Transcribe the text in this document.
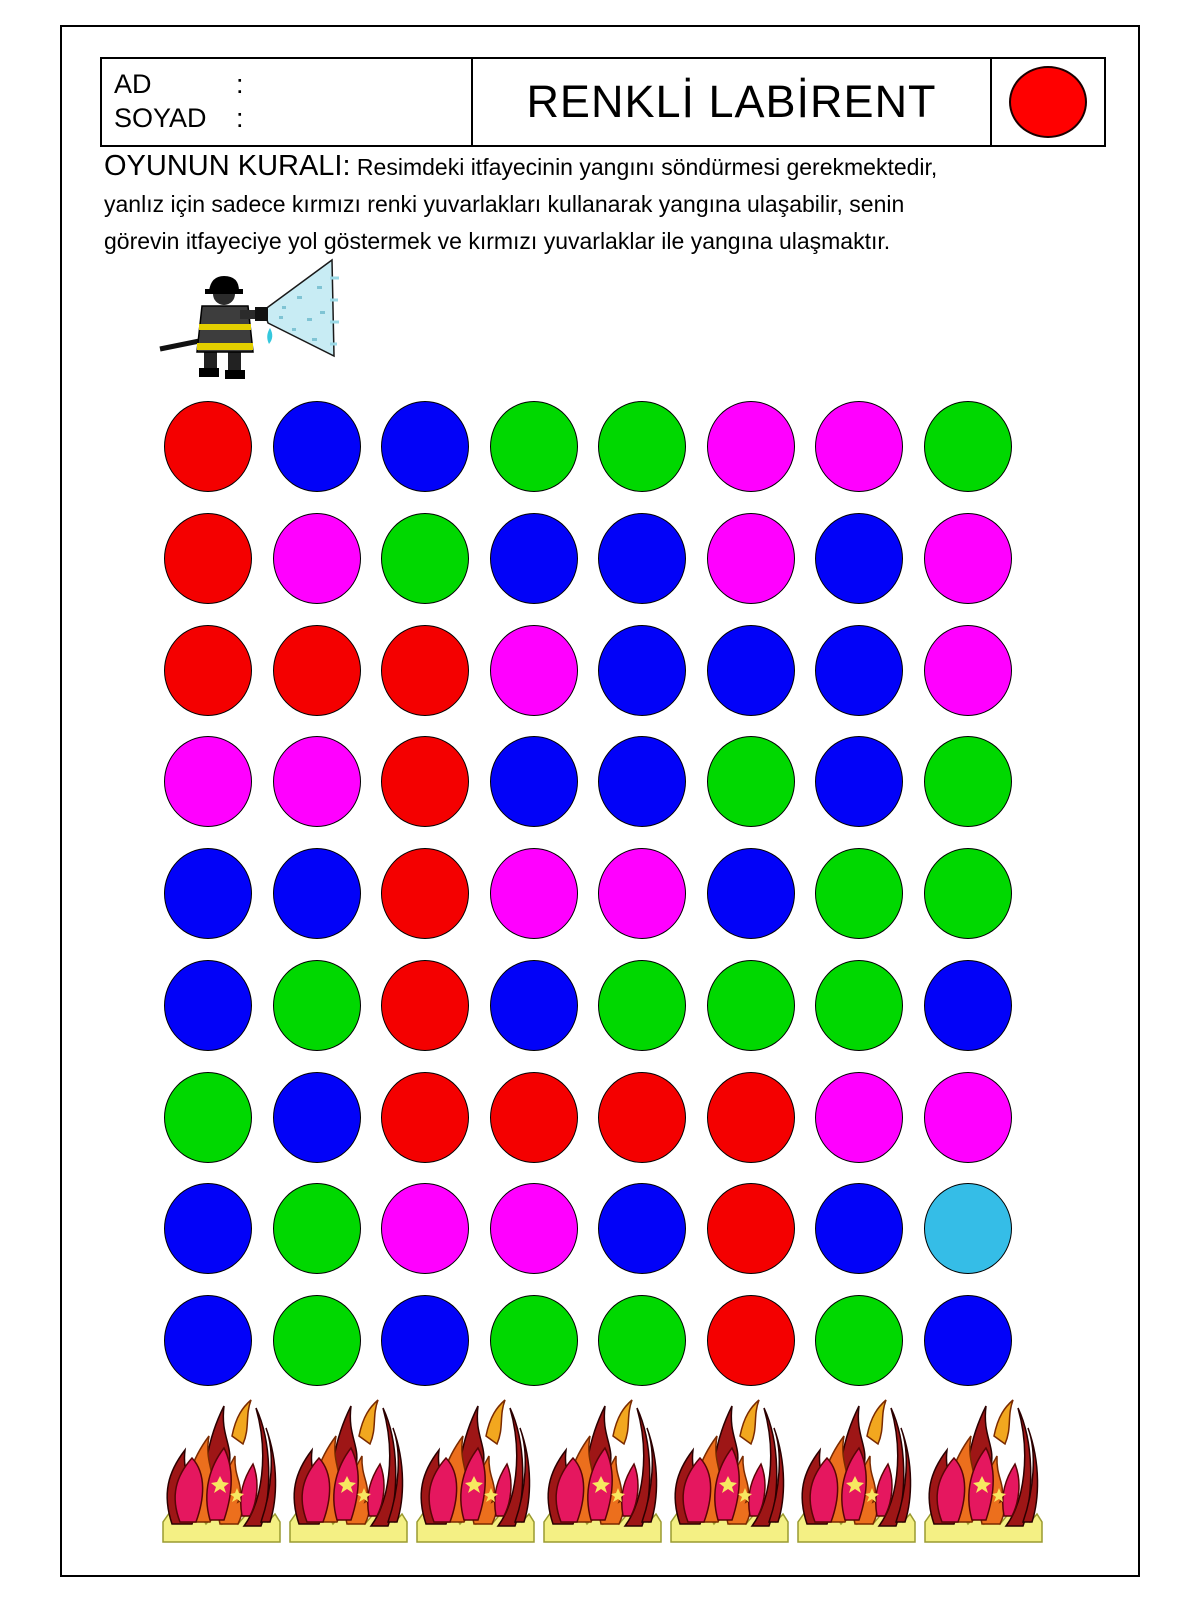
AD	:
SOYAD	:	RENKLİ LABİRENT
OYUNUN KURALI: Resimdeki itfayecinin yangını söndürmesi gerekmektedir,
yanlız için sadece kırmızı renki yuvarlakları kullanarak yangına ulaşabilir, senin
görevin itfayeciye yol göstermek ve kırmızı yuvarlaklar ile yangına ulaşmaktır.
